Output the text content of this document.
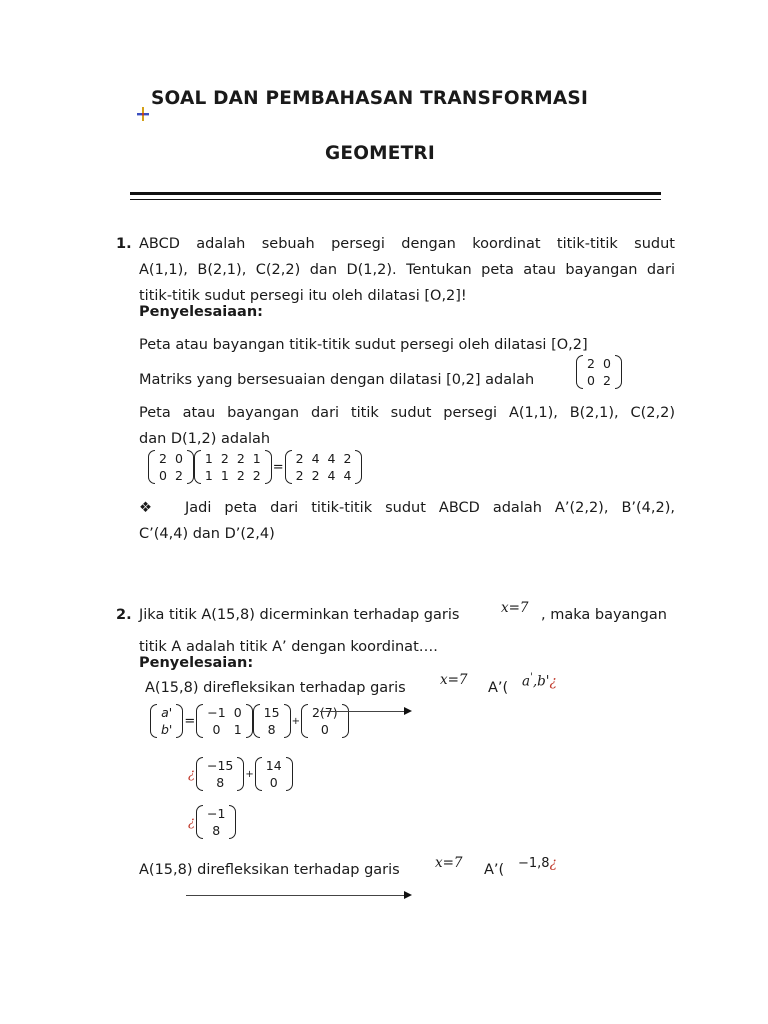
SOAL DAN PEMBAHASAN TRANSFORMASI
GEOMETRI
1. ABCD adalah sebuah persegi dengan koordinat titik-titik sudut
A(1,1), B(2,1), C(2,2) dan D(1,2). Tentukan peta atau bayangan dari
titik-titik sudut persegi itu oleh dilatasi [O,2]!
Penyelesaiaan:
Peta atau bayangan titik-titik sudut persegi oleh dilatasi [O,2]
Matriks yang bersesuaian dengan dilatasi [0,2] adalah
2	0
0	2
Peta atau bayangan dari titik sudut persegi A(1,1), B(2,1), C(2,2)
dan D(1,2) adalah
2	0
0	2
1	2	2	1
1	1	2	2
=
2	4	4	2
2	2	4	4
❖ Jadi peta dari titik-titik sudut ABCD adalah A’(2,2), B’(4,2),
C’(4,4) dan D’(2,4)
2. Jika titik A(15,8) dicerminkan terhadap garis	x=7 , maka bayangan
titik A adalah titik A’ dengan koordinat….
Penyelesaian:
A(15,8) direfleksikan terhadap garis	x=7 A’( a',b'¿
a'
b'
=
−1	0
0	1
15
8
+
2(7)
0
¿
−15
8
+
14
0
¿
−1
8
A(15,8) direfleksikan terhadap garis	x=7 A’( −1,8¿
